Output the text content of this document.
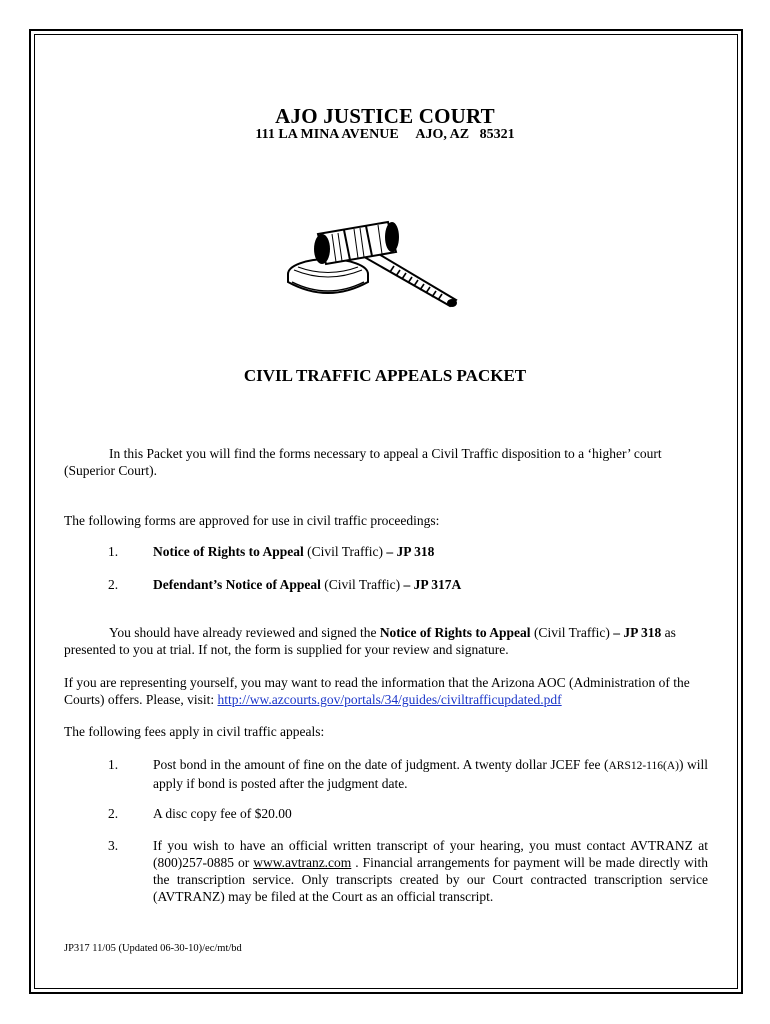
AJO JUSTICE COURT
111 LA MINA AVENUE     AJO, AZ   85321
CIVIL TRAFFIC APPEALS PACKET
In this Packet you will find the forms necessary to appeal a Civil Traffic disposition to a ‘higher’ court (Superior Court).
The following forms are approved for use in civil traffic proceedings:
1.	Notice of Rights to Appeal (Civil Traffic) – JP 318
2.	Defendant’s Notice of Appeal (Civil Traffic) – JP 317A
You should have already reviewed and signed the Notice of Rights to Appeal (Civil Traffic) – JP 318 as presented to you at trial. If not, the form is supplied for your review and signature.
If you are representing yourself, you may want to read the information that the Arizona AOC (Administration of the Courts) offers. Please, visit: http://ww.azcourts.gov/portals/34/guides/civiltrafficupdated.pdf
The following fees apply in civil traffic appeals:
1.	Post bond in the amount of fine on the date of judgment. A twenty dollar JCEF fee (ARS12-116(A)) will apply if bond is posted after the judgment date.
2.	A disc copy fee of $20.00
3.	If you wish to have an official written transcript of your hearing, you must contact AVTRANZ at (800)257-0885 or www.avtranz.com . Financial arrangements for payment will be made directly with the transcription service. Only transcripts created by our Court contracted transcription service (AVTRANZ) may be filed at the Court as an official transcript.
JP317 11/05 (Updated 06-30-10)/ec/mt/bd
